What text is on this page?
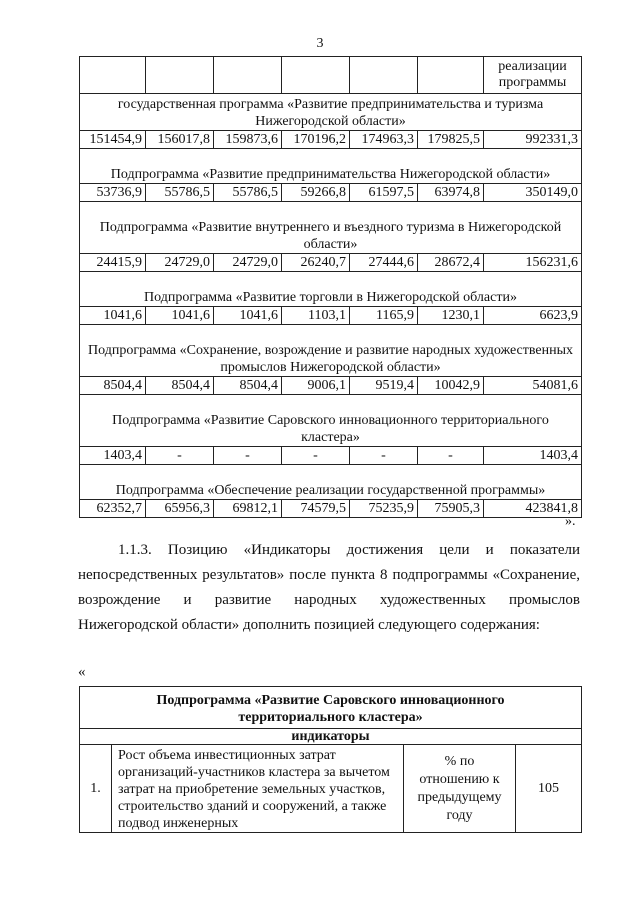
3
						реализации программы
государственная программа «Развитие предпринимательства и туризма Нижегородской области»						
151454,9	156017,8	159873,6	170196,2	174963,3	179825,5	992331,3
Подпрограмма «Развитие предпринимательства Нижегородской области»						
53736,9	55786,5	55786,5	59266,8	61597,5	63974,8	350149,0
Подпрограмма «Развитие внутреннего и въездного туризма в Нижегородской области»						
24415,9	24729,0	24729,0	26240,7	27444,6	28672,4	156231,6
Подпрограмма «Развитие торговли в Нижегородской области»						
1041,6	1041,6	1041,6	1103,1	1165,9	1230,1	6623,9
Подпрограмма «Сохранение, возрождение и развитие народных художественных промыслов Нижегородской области»						
8504,4	8504,4	8504,4	9006,1	9519,4	10042,9	54081,6
Подпрограмма «Развитие Саровского инновационного территориального кластера»						
1403,4	-	-	-	-	-	1403,4
Подпрограмма «Обеспечение реализации государственной программы»						
62352,7	65956,3	69812,1	74579,5	75235,9	75905,3	423841,8
».
1.1.3. Позицию «Индикаторы достижения цели и показатели непосредственных результатов» после пункта 8 подпрограммы «Сохранение, возрождение и развитие народных художественных промыслов Нижегородской области» дополнить позицией следующего содержания:
«
Подпрограмма «Развитие Саровского инновационного территориального кластера»
индикаторы
1.	Рост объема инвестиционных затрат организаций-участников кластера за вычетом затрат на приобретение земельных участков, строительство зданий и сооружений, а также подвод инженерных	% по отношению к предыдущему году	105
